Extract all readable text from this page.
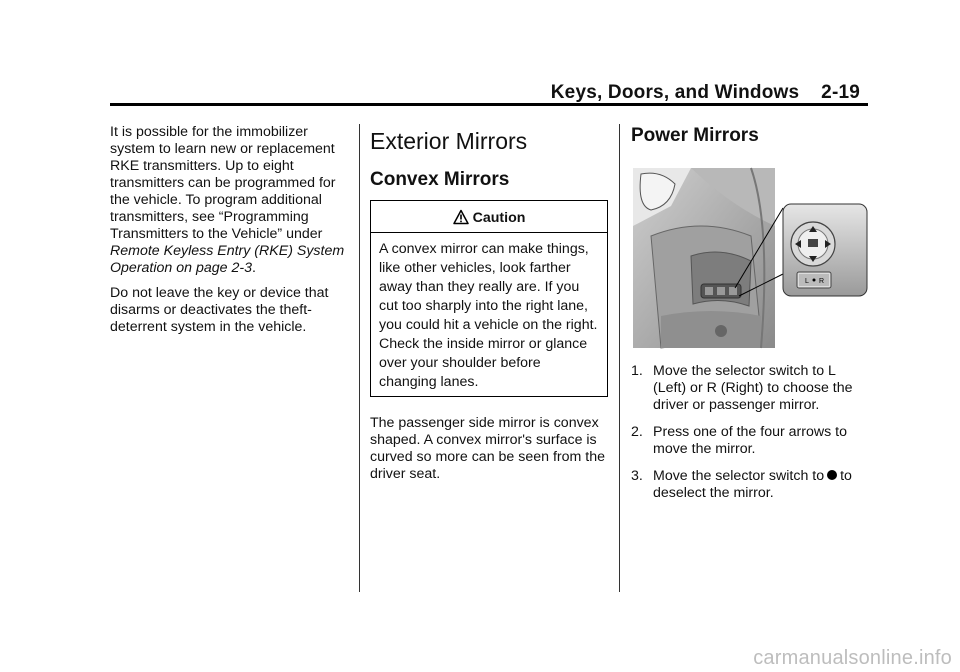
Keys, Doors, and Windows 2-19

It is possible for the immobilizer system to learn new or replacement RKE transmitters. Up to eight transmitters can be programmed for the vehicle. To program additional transmitters, see “Programming Transmitters to the Vehicle” under Remote Keyless Entry (RKE) System Operation on page 2-3.

Do not leave the key or device that disarms or deactivates the theft-deterrent system in the vehicle.

Exterior Mirrors
Convex Mirrors
Caution

A convex mirror can make things, like other vehicles, look farther away than they really are. If you cut too sharply into the right lane, you could hit a vehicle on the right. Check the inside mirror or glance over your shoulder before changing lanes.

The passenger side mirror is convex shaped. A convex mirror's surface is curved so more can be seen from the driver seat.

Power Mirrors
L R
1. Move the selector switch to L (Left) or R (Right) to choose the driver or passenger mirror.
2. Press one of the four arrows to move the mirror.
3. Move the selector switch to to deselect the mirror.
carmanualsonline.info
